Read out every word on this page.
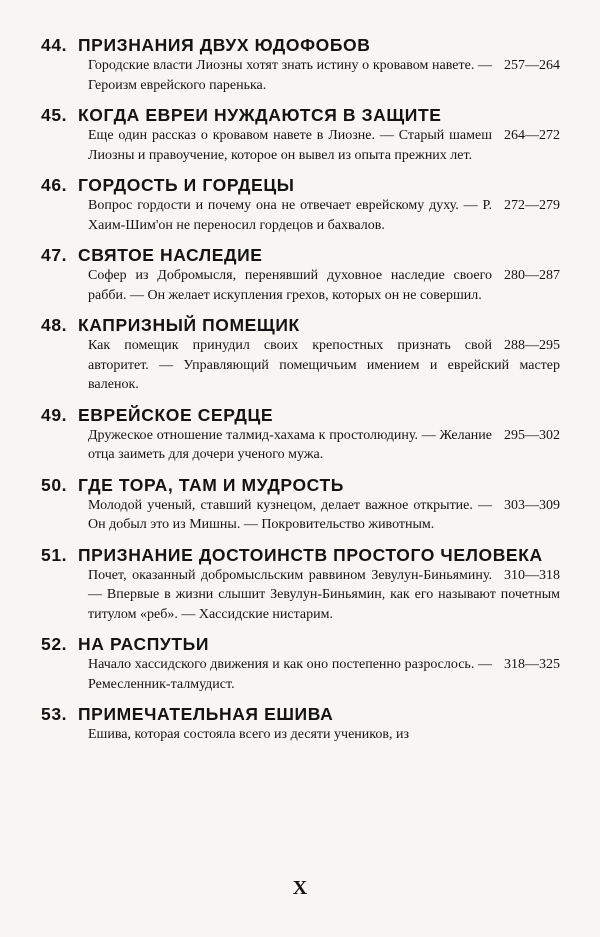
44. ПРИЗНАНИЯ ДВУХ ЮДОФОБОВ
257—264
Городские власти Лиозны хотят знать истину о кровавом навете. — Героизм еврейского паренька.
45. КОГДА ЕВРЕИ НУЖДАЮТСЯ В ЗАЩИТЕ
264—272
Еще один рассказ о кровавом навете в Лиозне. — Старый шамеш Лиозны и правоучение, которое он вывел из опыта прежних лет.
46. ГОРДОСТЬ И ГОРДЕЦЫ
272—279
Вопрос гордости и почему она не отвечает еврейскому духу. — Р. Хаим-Шим'он не переносил гордецов и бахвалов.
47. СВЯТОЕ НАСЛЕДИЕ
280—287
Софер из Добромысля, перенявший духовное наследие своего рабби. — Он желает искупления грехов, которых он не совершил.
48. КАПРИЗНЫЙ ПОМЕЩИК
288—295
Как помещик принудил своих крепостных признать свой авторитет. — Управляющий помещичьим имением и еврейский мастер валенок.
49. ЕВРЕЙСКОЕ СЕРДЦЕ
295—302
Дружеское отношение талмид-хахама к простолюдину. — Желание отца заиметь для дочери ученого мужа.
50. ГДЕ ТОРА, ТАМ И МУДРОСТЬ
303—309
Молодой ученый, ставший кузнецом, делает важное открытие. — Он добыл это из Мишны. — Покровительство животным.
51. ПРИЗНАНИЕ ДОСТОИНСТВ ПРОСТОГО ЧЕЛОВЕКА
310—318
Почет, оказанный добромысльским раввином Зевулун-Биньямину. — Впервые в жизни слышит Зевулун-Биньямин, как его называют почетным титулом «реб». — Хассидские нистарим.
52. НА РАСПУТЬИ
318—325
Начало хассидского движения и как оно постепенно разрослось. — Ремесленник-талмудист.
53. ПРИМЕЧАТЕЛЬНАЯ ЕШИВА
Ешива, которая состояла всего из десяти учеников, из
X
